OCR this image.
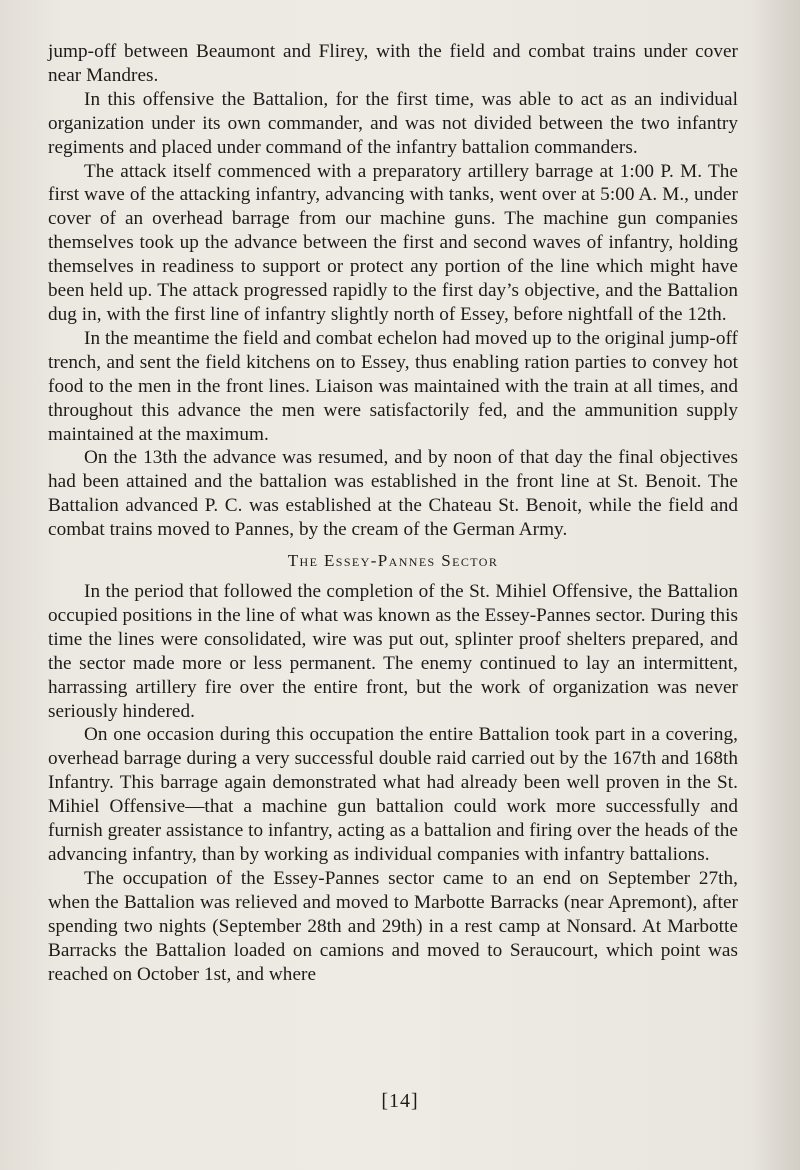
jump-off between Beaumont and Flirey, with the field and combat trains under cover near Mandres.

In this offensive the Battalion, for the first time, was able to act as an individual organization under its own commander, and was not divided between the two infantry regiments and placed under command of the infantry battalion commanders.

The attack itself commenced with a preparatory artillery barrage at 1:00 P. M. The first wave of the attacking infantry, advancing with tanks, went over at 5:00 A. M., under cover of an overhead barrage from our machine guns. The machine gun companies themselves took up the advance between the first and second waves of infantry, holding themselves in readiness to support or protect any portion of the line which might have been held up. The attack progressed rapidly to the first day’s objective, and the Battalion dug in, with the first line of infantry slightly north of Essey, before nightfall of the 12th.

In the meantime the field and combat echelon had moved up to the original jump-off trench, and sent the field kitchens on to Essey, thus enabling ration parties to convey hot food to the men in the front lines. Liaison was maintained with the train at all times, and throughout this advance the men were satisfactorily fed, and the ammunition supply maintained at the maximum.

On the 13th the advance was resumed, and by noon of that day the final objectives had been attained and the battalion was established in the front line at St. Benoit. The Battalion advanced P. C. was established at the Chateau St. Benoit, while the field and combat trains moved to Pannes, by the cream of the German Army.

The Essey-Pannes Sector

In the period that followed the completion of the St. Mihiel Offensive, the Battalion occupied positions in the line of what was known as the Essey-Pannes sector. During this time the lines were consolidated, wire was put out, splinter proof shelters prepared, and the sector made more or less permanent. The enemy continued to lay an intermittent, harrassing artillery fire over the entire front, but the work of organization was never seriously hindered.

On one occasion during this occupation the entire Battalion took part in a covering, overhead barrage during a very successful double raid carried out by the 167th and 168th Infantry. This barrage again demonstrated what had already been well proven in the St. Mihiel Offensive—that a machine gun battalion could work more successfully and furnish greater assistance to infantry, acting as a battalion and firing over the heads of the advancing infantry, than by working as individual companies with infantry battalions.

The occupation of the Essey-Pannes sector came to an end on September 27th, when the Battalion was relieved and moved to Marbotte Barracks (near Apremont), after spending two nights (September 28th and 29th) in a rest camp at Nonsard. At Marbotte Barracks the Battalion loaded on camions and moved to Seraucourt, which point was reached on October 1st, and where

[14]
